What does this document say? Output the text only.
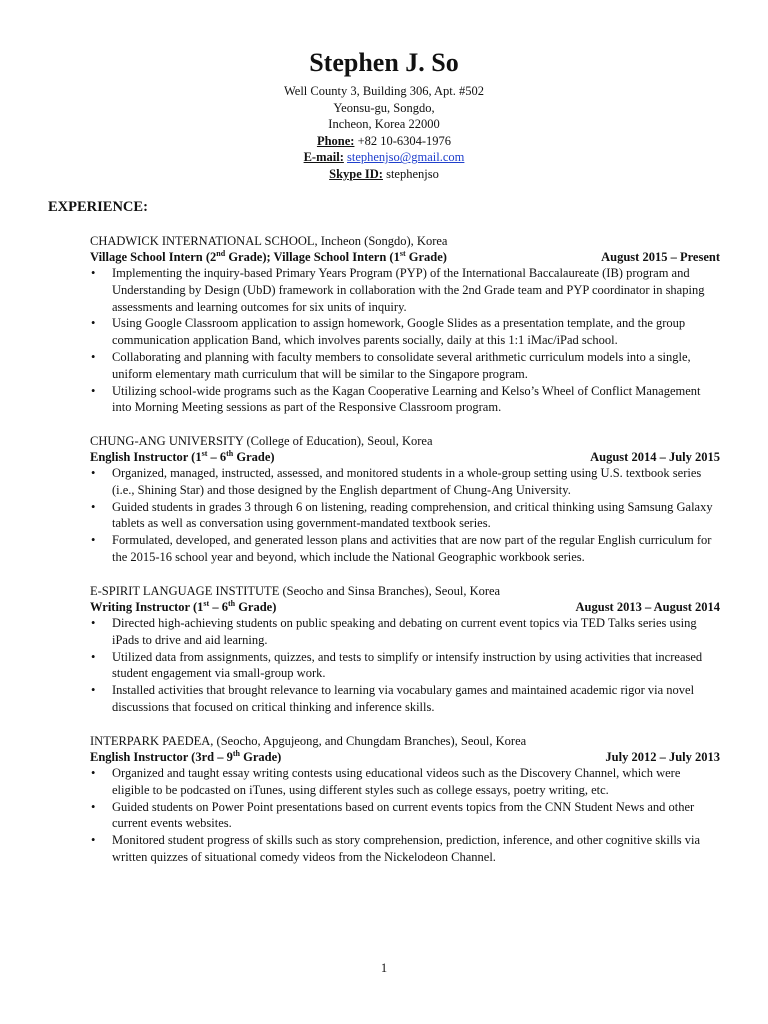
Stephen J. So
Well County 3, Building 306, Apt. #502
Yeonsu-gu, Songdo,
Incheon, Korea 22000
Phone: +82 10-6304-1976
E-mail: stephenjso@gmail.com
Skype ID: stephenjso
EXPERIENCE:
CHADWICK INTERNATIONAL SCHOOL, Incheon (Songdo), Korea
Village School Intern (2nd Grade); Village School Intern (1st Grade)	August 2015 – Present
• Implementing the inquiry-based Primary Years Program (PYP) of the International Baccalaureate (IB) program and Understanding by Design (UbD) framework in collaboration with the 2nd Grade team and PYP coordinator in shaping assessments and learning outcomes for six units of inquiry.
• Using Google Classroom application to assign homework, Google Slides as a presentation template, and the group communication application Band, which involves parents socially, daily at this 1:1 iMac/iPad school.
• Collaborating and planning with faculty members to consolidate several arithmetic curriculum models into a single, uniform elementary math curriculum that will be similar to the Singapore program.
• Utilizing school-wide programs such as the Kagan Cooperative Learning and Kelso’s Wheel of Conflict Management into Morning Meeting sessions as part of the Responsive Classroom program.
CHUNG-ANG UNIVERSITY (College of Education), Seoul, Korea
English Instructor (1st – 6th Grade)	August 2014 – July 2015
• Organized, managed, instructed, assessed, and monitored students in a whole-group setting using U.S. textbook series (i.e., Shining Star) and those designed by the English department of Chung-Ang University.
• Guided students in grades 3 through 6 on listening, reading comprehension, and critical thinking using Samsung Galaxy tablets as well as conversation using government-mandated textbook series.
• Formulated, developed, and generated lesson plans and activities that are now part of the regular English curriculum for the 2015-16 school year and beyond, which include the National Geographic workbook series.
E-SPIRIT LANGUAGE INSTITUTE (Seocho and Sinsa Branches), Seoul, Korea
Writing Instructor (1st – 6th Grade)	August 2013 – August 2014
• Directed high-achieving students on public speaking and debating on current event topics via TED Talks series using iPads to drive and aid learning.
• Utilized data from assignments, quizzes, and tests to simplify or intensify instruction by using activities that increased student engagement via small-group work.
• Installed activities that brought relevance to learning via vocabulary games and maintained academic rigor via novel discussions that focused on critical thinking and inference skills.
INTERPARK PAEDEA, (Seocho, Apgujeong, and Chungdam Branches), Seoul, Korea
English Instructor (3rd – 9th Grade)	July 2012 – July 2013
• Organized and taught essay writing contests using educational videos such as the Discovery Channel, which were eligible to be podcasted on iTunes, using different styles such as college essays, poetry writing, etc.
• Guided students on Power Point presentations based on current events topics from the CNN Student News and other current events websites.
• Monitored student progress of skills such as story comprehension, prediction, inference, and other cognitive skills via written quizzes of situational comedy videos from the Nickelodeon Channel.
1
